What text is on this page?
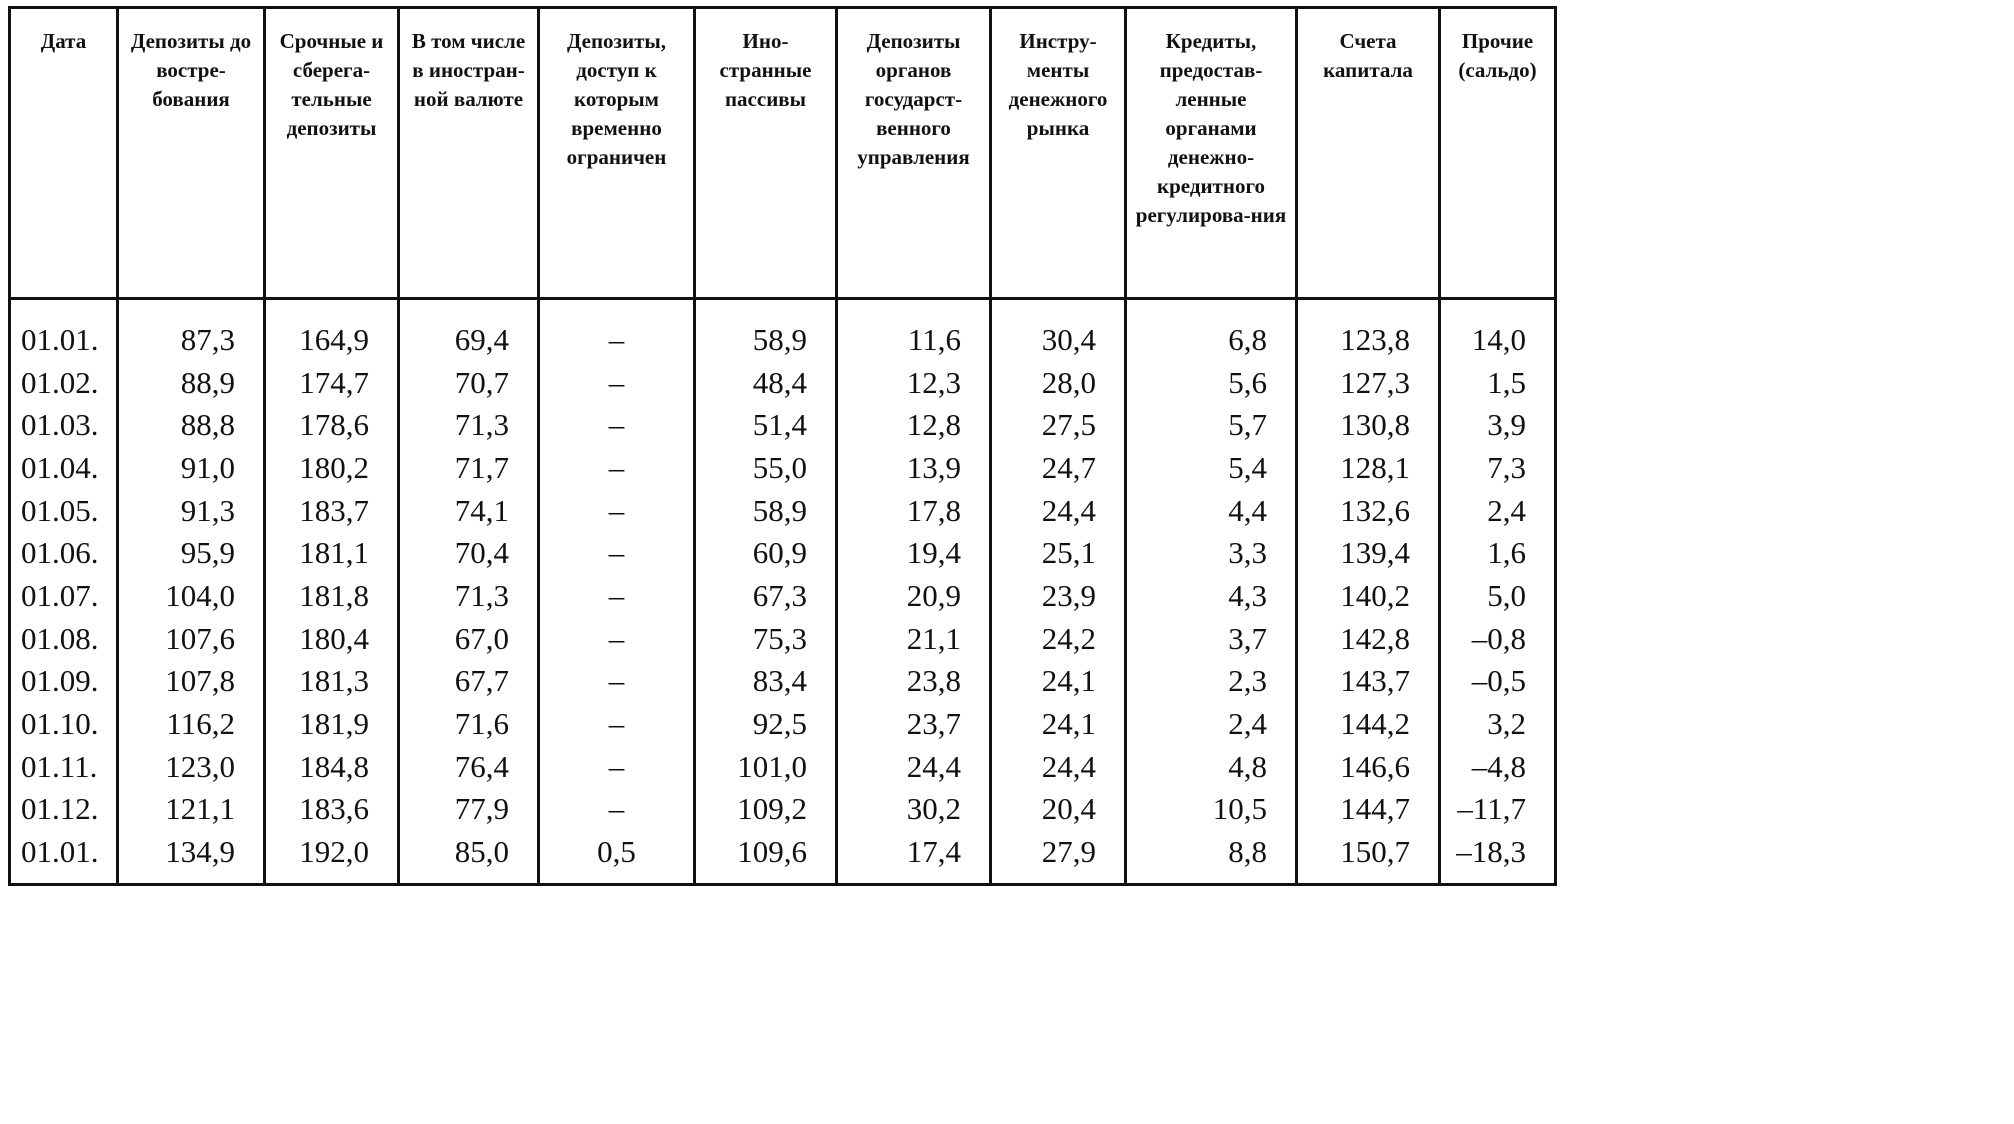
Дата	Депозиты до востре-бования	Срочные и сберега-тельные депозиты	В том числе в иностран-ной валюте	Депозиты, доступ к которым временно ограничен	Ино-странные пассивы	Депозиты органов государст-венного управления	Инстру-менты денежного рынка	Кредиты, предостав-ленные органами денежно-кредитного регулирова-ния	Счета капитала	Прочие (сальдо)

01.01.	87,3	164,9	69,4	–	58,9	11,6	30,4	6,8	123,8	14,0
01.02.	88,9	174,7	70,7	–	48,4	12,3	28,0	5,6	127,3	1,5
01.03.	88,8	178,6	71,3	–	51,4	12,8	27,5	5,7	130,8	3,9
01.04.	91,0	180,2	71,7	–	55,0	13,9	24,7	5,4	128,1	7,3
01.05.	91,3	183,7	74,1	–	58,9	17,8	24,4	4,4	132,6	2,4
01.06.	95,9	181,1	70,4	–	60,9	19,4	25,1	3,3	139,4	1,6
01.07.	104,0	181,8	71,3	–	67,3	20,9	23,9	4,3	140,2	5,0
01.08.	107,6	180,4	67,0	–	75,3	21,1	24,2	3,7	142,8	–0,8
01.09.	107,8	181,3	67,7	–	83,4	23,8	24,1	2,3	143,7	–0,5
01.10.	116,2	181,9	71,6	–	92,5	23,7	24,1	2,4	144,2	3,2
01.11.	123,0	184,8	76,4	–	101,0	24,4	24,4	4,8	146,6	–4,8
01.12.	121,1	183,6	77,9	–	109,2	30,2	20,4	10,5	144,7	–11,7
01.01.	134,9	192,0	85,0	0,5	109,6	17,4	27,9	8,8	150,7	–18,3
